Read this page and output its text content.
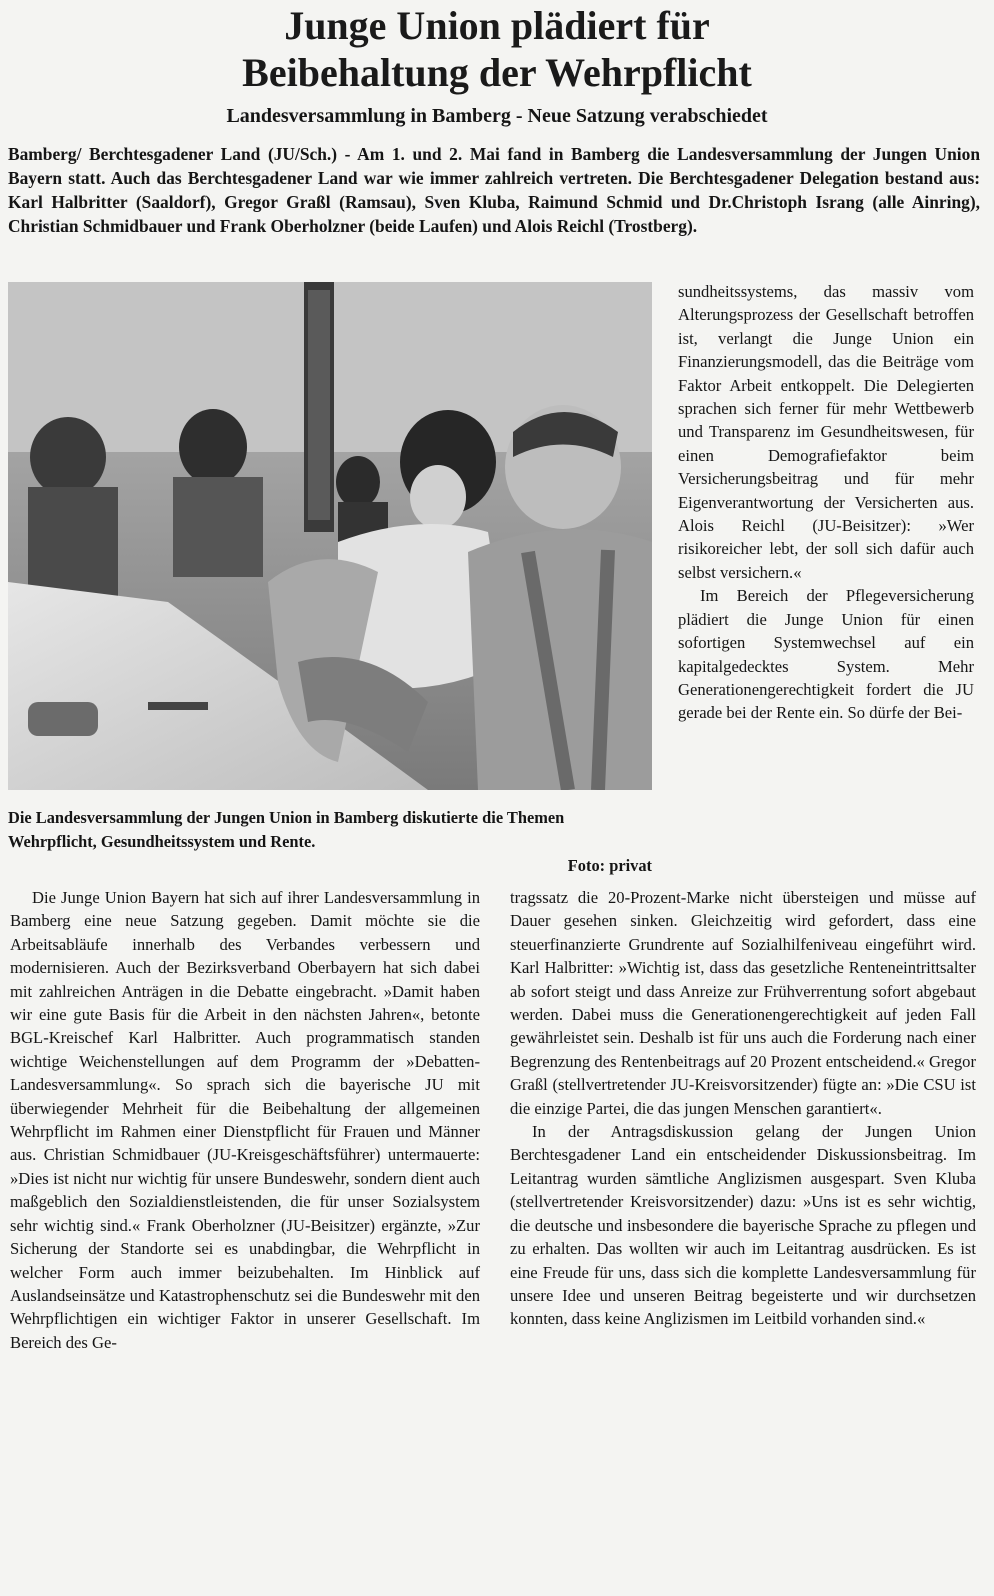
Junge Union plädiert für
Beibehaltung der Wehrpflicht
Landesversammlung in Bamberg - Neue Satzung verabschiedet
Bamberg/ Berchtesgadener Land (JU/Sch.) - Am 1. und 2. Mai fand in Bamberg die Landesversammlung der Jungen Union Bayern statt. Auch das Berchtesgadener Land war wie immer zahlreich vertreten. Die Berchtesgadener Delegation bestand aus: Karl Halbritter (Saaldorf), Gregor Graßl (Ramsau), Sven Kluba, Raimund Schmid und Dr.Christoph Israng (alle Ainring), Christian Schmidbauer und Frank Oberholzner (beide Laufen) und Alois Reichl (Trostberg).
Die Landesversammlung der Jungen Union in Bamberg diskutierte die Themen Wehrpflicht, Gesundheitssystem und Rente.
Foto: privat

sundheitssystems, das massiv vom Alterungsprozess der Gesellschaft betroffen ist, verlangt die Junge Union ein Finanzierungsmodell, das die Beiträge vom Faktor Arbeit entkoppelt. Die Delegierten sprachen sich ferner für mehr Wettbewerb und Transparenz im Gesundheitswesen, für einen Demografiefaktor beim Versicherungsbeitrag und für mehr Eigenverantwortung der Versicherten aus. Alois Reichl (JU-Beisitzer): »Wer risikoreicher lebt, der soll sich dafür auch selbst versichern.«

Im Bereich der Pflegeversicherung plädiert die Junge Union für einen sofortigen Systemwechsel auf ein kapitalgedecktes System. Mehr Generationengerechtigkeit fordert die JU gerade bei der Rente ein. So dürfe der Bei-

Die Junge Union Bayern hat sich auf ihrer Landesversammlung in Bamberg eine neue Satzung gegeben. Damit möchte sie die Arbeitsabläufe innerhalb des Verbandes verbessern und modernisieren. Auch der Bezirksverband Oberbayern hat sich dabei mit zahlreichen Anträgen in die Debatte eingebracht. »Damit haben wir eine gute Basis für die Arbeit in den nächsten Jahren«, betonte BGL-Kreischef Karl Halbritter. Auch programmatisch standen wichtige Weichenstellungen auf dem Programm der »Debatten-Landesversammlung«. So sprach sich die bayerische JU mit überwiegender Mehrheit für die Beibehaltung der allgemeinen Wehrpflicht im Rahmen einer Dienstpflicht für Frauen und Männer aus. Christian Schmidbauer (JU-Kreisgeschäftsführer) untermauerte: »Dies ist nicht nur wichtig für unsere Bundeswehr, sondern dient auch maßgeblich den Sozialdienstleistenden, die für unser Sozialsystem sehr wichtig sind.« Frank Oberholzner (JU-Beisitzer) ergänzte, »Zur Sicherung der Standorte sei es unabdingbar, die Wehrpflicht in welcher Form auch immer beizubehalten. Im Hinblick auf Auslandseinsätze und Katastrophenschutz sei die Bundeswehr mit den Wehrpflichtigen ein wichtiger Faktor in unserer Gesellschaft. Im Bereich des Ge-

tragssatz die 20-Prozent-Marke nicht übersteigen und müsse auf Dauer gesehen sinken. Gleichzeitig wird gefordert, dass eine steuerfinanzierte Grundrente auf Sozialhilfeniveau eingeführt wird. Karl Halbritter: »Wichtig ist, dass das gesetzliche Renteneintrittsalter ab sofort steigt und dass Anreize zur Frühverrentung sofort abgebaut werden. Dabei muss die Generationengerechtigkeit auf jeden Fall gewährleistet sein. Deshalb ist für uns auch die Forderung nach einer Begrenzung des Rentenbeitrags auf 20 Prozent entscheidend.« Gregor Graßl (stellvertretender JU-Kreisvorsitzender) fügte an: »Die CSU ist die einzige Partei, die das jungen Menschen garantiert«.

In der Antragsdiskussion gelang der Jungen Union Berchtesgadener Land ein entscheidender Diskussionsbeitrag. Im Leitantrag wurden sämtliche Anglizismen ausgespart. Sven Kluba (stellvertretender Kreisvorsitzender) dazu: »Uns ist es sehr wichtig, die deutsche und insbesondere die bayerische Sprache zu pflegen und zu erhalten. Das wollten wir auch im Leitantrag ausdrücken. Es ist eine Freude für uns, dass sich die komplette Landesversammlung für unsere Idee und unseren Beitrag begeisterte und wir durchsetzen konnten, dass keine Anglizismen im Leitbild vorhanden sind.«
